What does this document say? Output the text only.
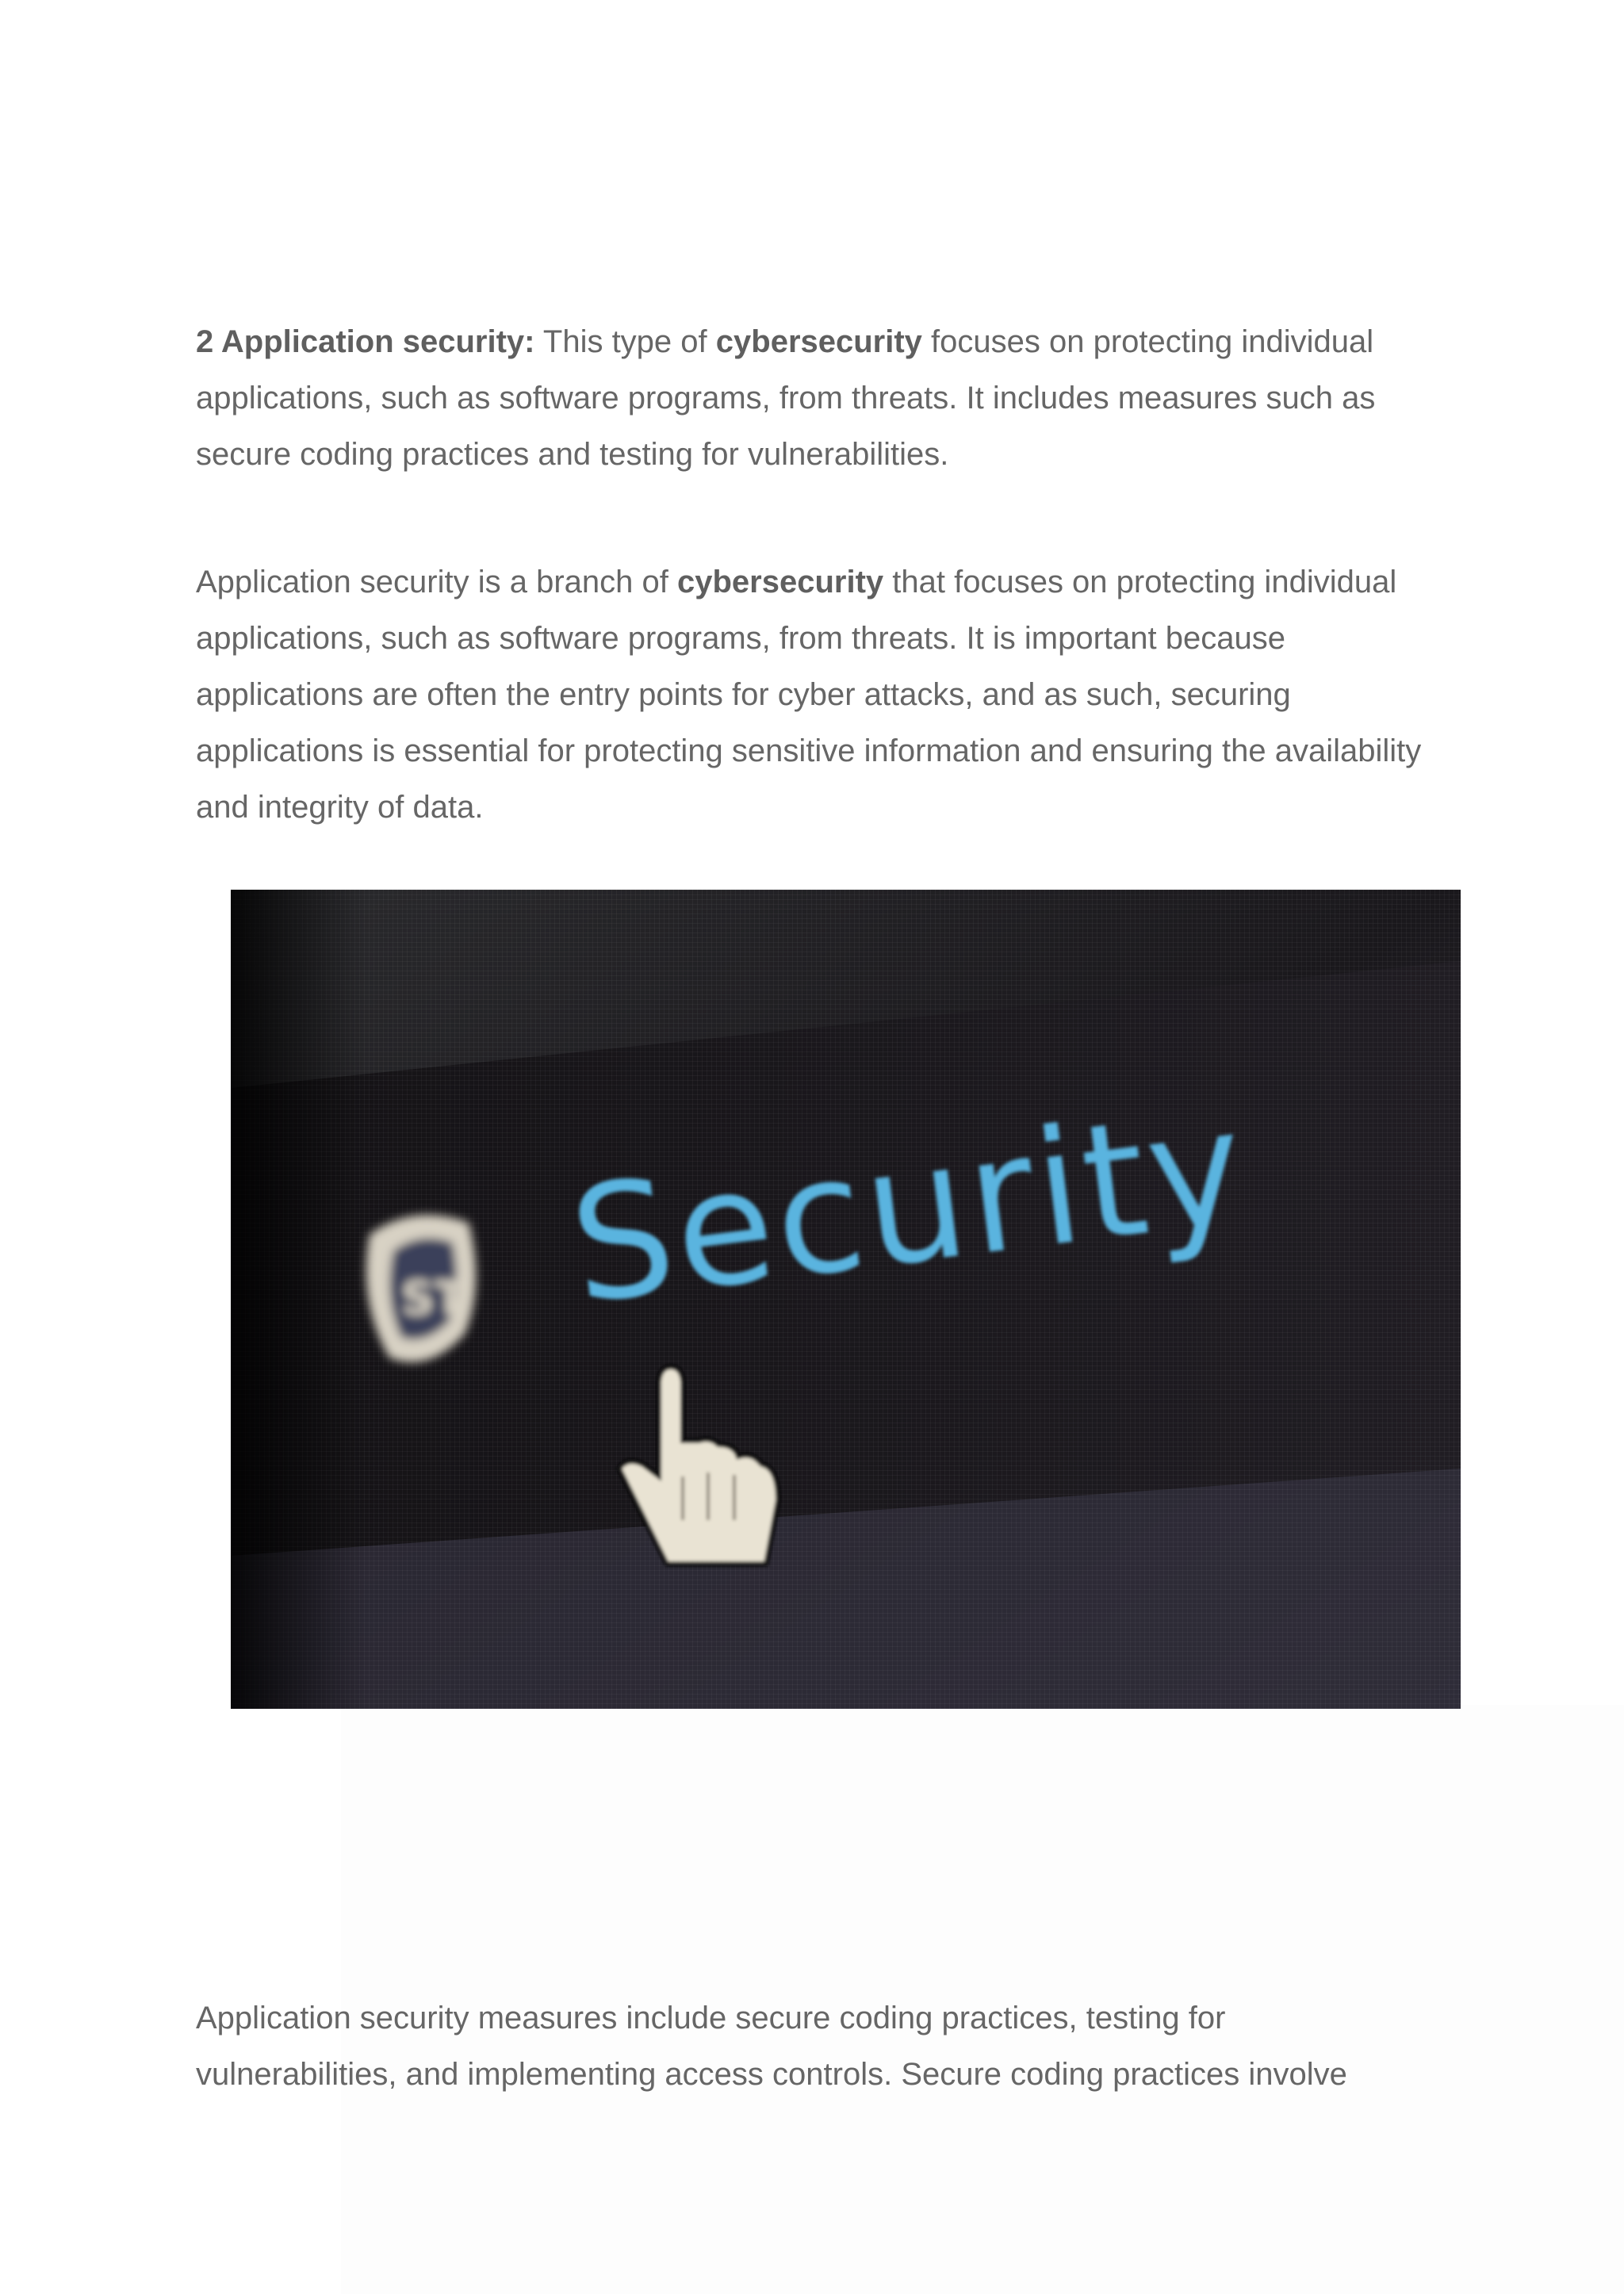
2 Application security: This type of cybersecurity focuses on protecting individual applications, such as software programs, from threats. It includes measures such as secure coding practices and testing for vulnerabilities.

Application security is a branch of cybersecurity that focuses on protecting individual applications, such as software programs, from threats. It is important because applications are often the entry points for cyber attacks, and as such, securing applications is essential for protecting sensitive information and ensuring the availability and integrity of data.

ST Security

Application security measures include secure coding practices, testing for vulnerabilities, and implementing access controls. Secure coding practices involve
